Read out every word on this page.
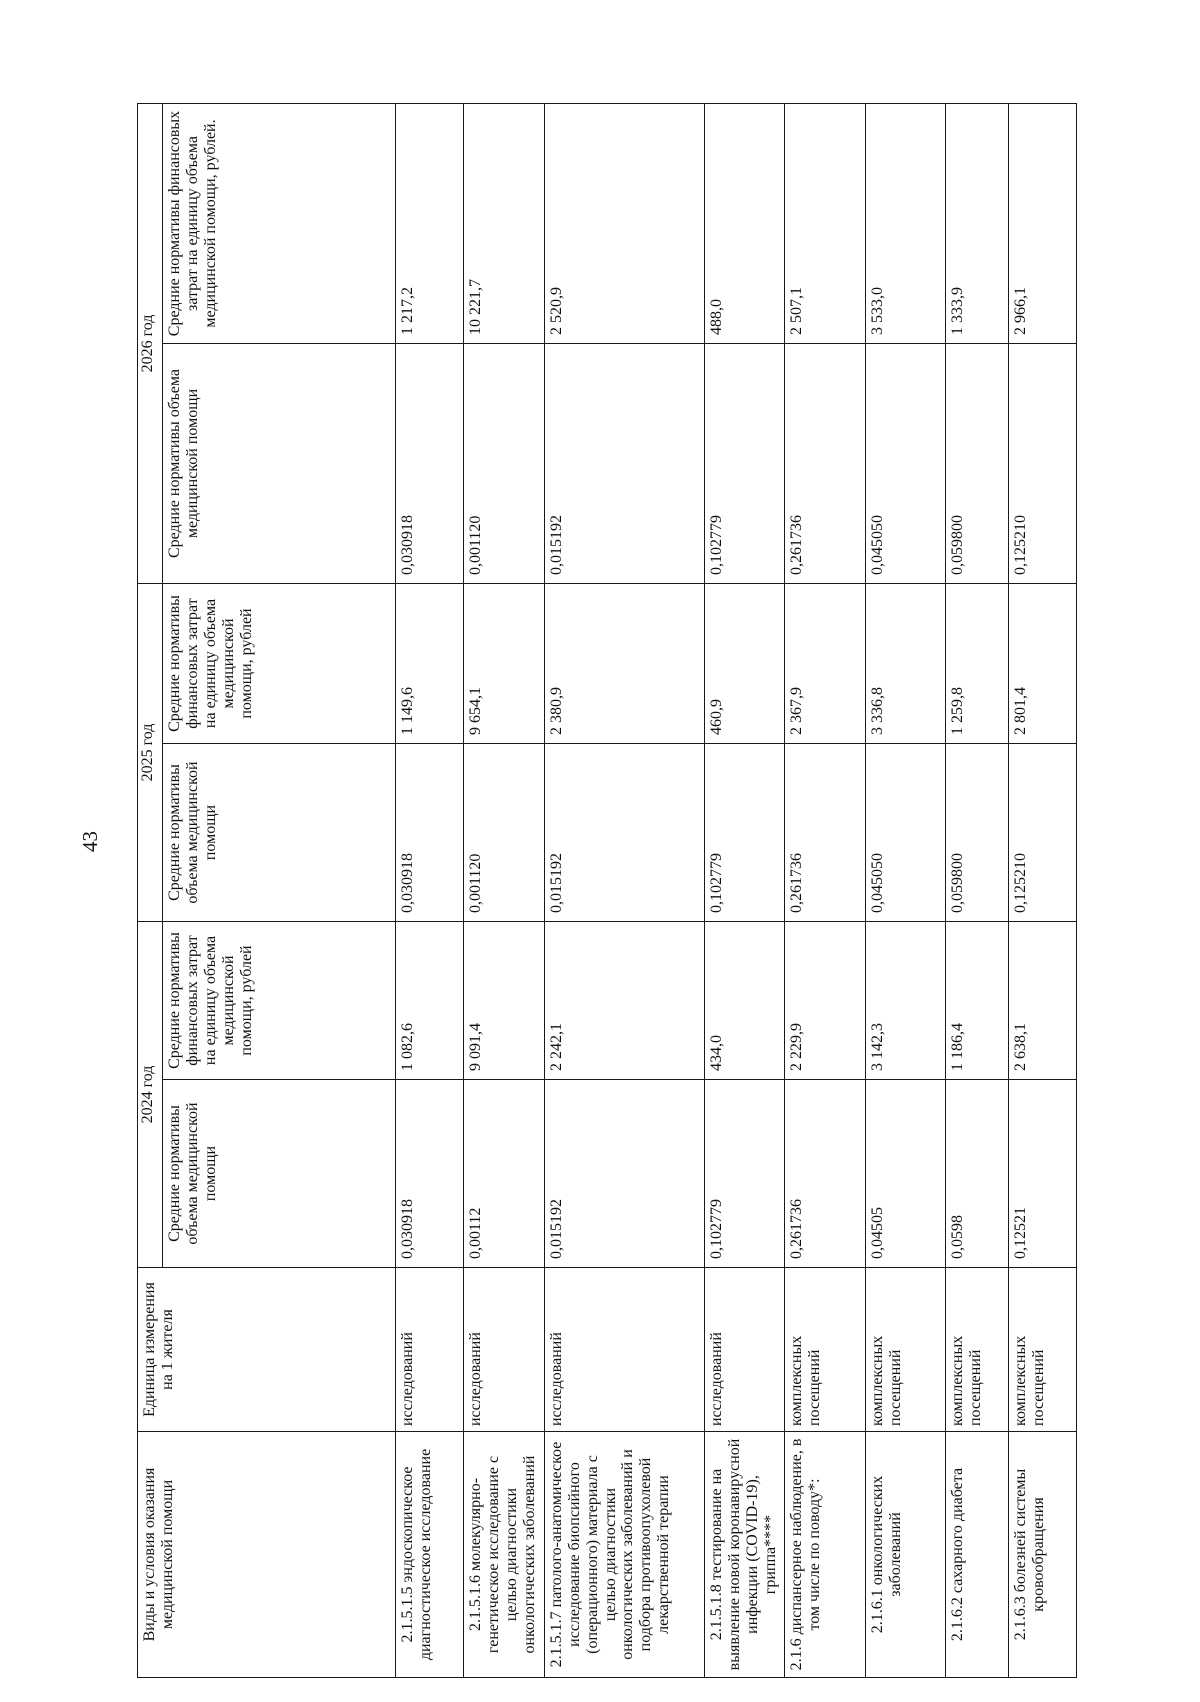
43
Виды и условия оказания медицинской помощи	Единица измерения на 1 жителя	2024 год		2025 год		2026 год	
		Средние нормативы объема медицинской помощи	Средние нормативы финансовых затрат на единицу объема медицинской помощи, рублей	Средние нормативы объема медицинской помощи	Средние нормативы финансовых затрат на единицу объема медицинской помощи, рублей	Средние нормативы объема медицинской помощи	Средние нормативы финансовых затрат на единицу объема медицинской помощи, рублей.
2.1.5.1.5 эндоскопическое диагностическое исследование	исследований	0,030918	1 082,6	0,030918	1 149,6	0,030918	1 217,2
2.1.5.1.6 молекулярно-генетическое исследование с целью диагностики онкологических заболеваний	исследований	0,00112	9 091,4	0,001120	9 654,1	0,001120	10 221,7
2.1.5.1.7 патолого-анатомическое исследование биопсийного (операционного) материала с целью диагностики онкологических заболеваний и подбора противоопухолевой лекарственной терапии	исследований	0,015192	2 242,1	0,015192	2 380,9	0,015192	2 520,9
2.1.5.1.8 тестирование на выявление новой коронавирусной инфекции (COVID-19), гриппа****	исследований	0,102779	434,0	0,102779	460,9	0,102779	488,0
2.1.6 диспансерное наблюдение, в том числе по поводу*:	комплексных посещений	0,261736	2 229,9	0,261736	2 367,9	0,261736	2 507,1
2.1.6.1 онкологических заболеваний	комплексных посещений	0,04505	3 142,3	0,045050	3 336,8	0,045050	3 533,0
2.1.6.2 сахарного диабета	комплексных посещений	0,0598	1 186,4	0,059800	1 259,8	0,059800	1 333,9
2.1.6.3 болезней системы кровообращения	комплексных посещений	0,12521	2 638,1	0,125210	2 801,4	0,125210	2 966,1
